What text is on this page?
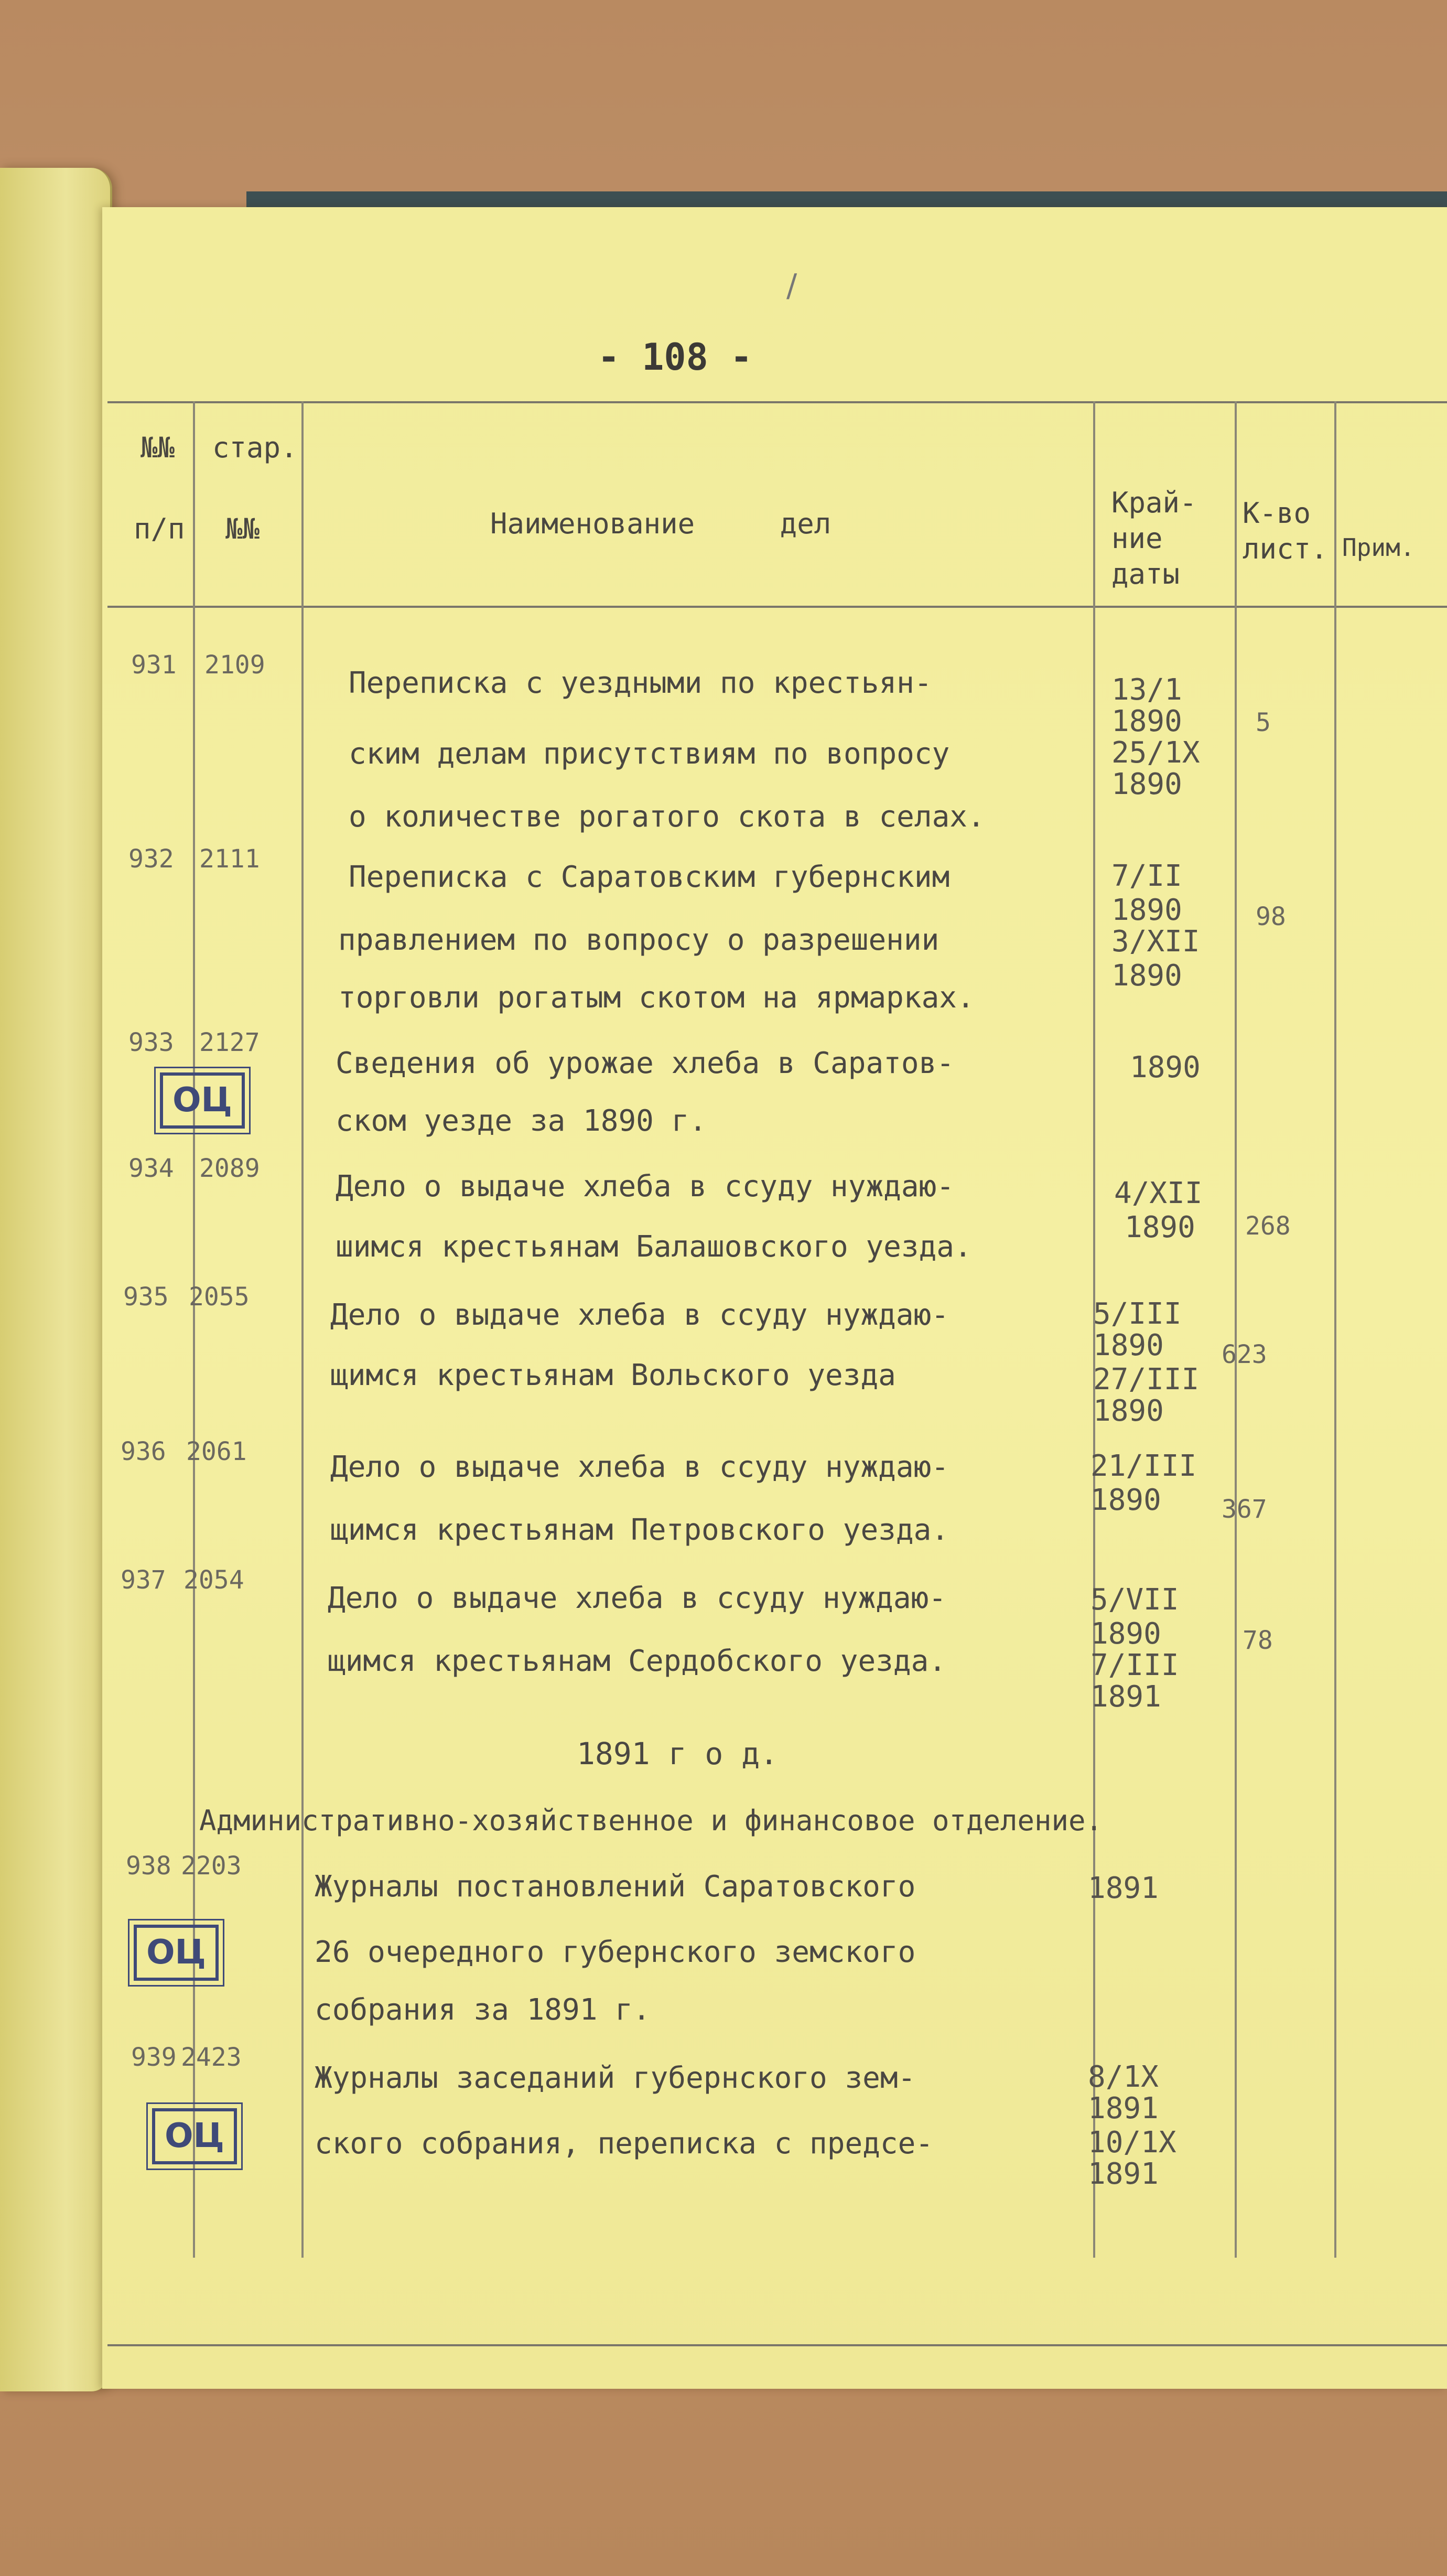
/
- 108 -
№№
п/п
стар.
№№	Наименование     дел
Край-
ние
даты
К-во
лист. Прим.
931 2109
Переписка с уездными по крестьян-
ским делам присутствиям по вопросу
о количестве рогатого скота в селах.
13/1
1890
25/1Х
1890
5
932 2111
Переписка с Саратовским губернским
правлением по вопросу о разрешении
торговли рогатым скотом на ярмарках.
7/II
1890
3/ХII
1890
98
933 2127
ОЦ
Сведения об урожае хлеба в Саратов-
ском уезде за 1890 г.
1890
934 2089
Дело о выдаче хлеба в ссуду нуждаю-
шимся крестьянам Балашовского уезда.
4/ХII
1890 268
935 2055
Дело о выдаче хлеба в ссуду нуждаю-
щимся крестьянам Вольского уезда
5/III
1890
27/III
1890
623
936 2061	Дело о выдаче хлеба в ссуду нуждаю-
щимся крестьянам Петровского уезда.
21/III
1890 367
937 2054
Дело о выдаче хлеба в ссуду нуждаю-
щимся крестьянам Сердобского уезда.
5/VII
1890
7/III
1891
78
1891 г о д.
Административно-хозяйственное и финансовое отделение.
938 2203
ОЦ
Журналы постановлений Саратовского
26 очередного губернского земского
собрания за 1891 г.
1891
939 2423
ОЦ
Журналы заседаний губернского зем-
ского собрания, переписка с предсе-
8/1Х
1891
10/1Х
1891
